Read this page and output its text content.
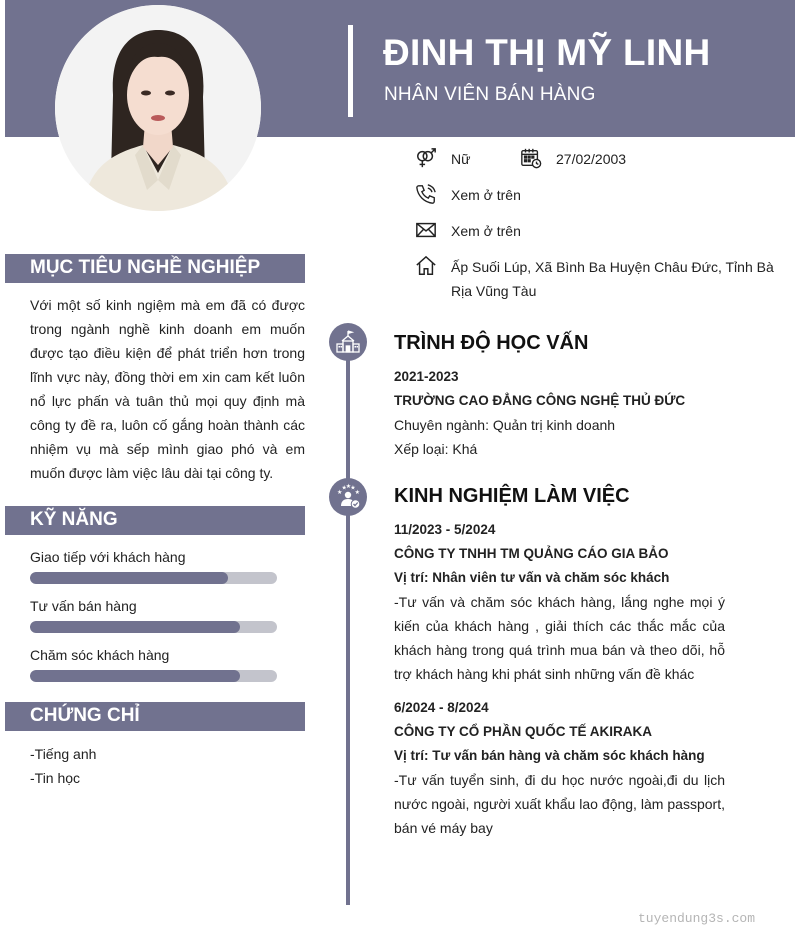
ĐINH THỊ MỸ LINH
NHÂN VIÊN BÁN HÀNG
Nữ	27/02/2003
Xem ở trên
Xem ở trên
Ấp Suối Lúp, Xã Bình Ba Huyện Châu Đức, Tỉnh Bà
Rịa Vũng Tàu
MỤC TIÊU NGHỀ NGHIỆP
Với một số kinh ngiệm mà em đã có được trong ngành nghề kinh doanh em muốn được tạo điều kiện để phát triển hơn trong lĩnh vực này, đồng thời em xin cam kết luôn nổ lực phấn và tuân thủ mọi quy định mà công ty đề ra, luôn cố gắng hoàn thành các nhiệm vụ mà sếp mình giao phó và em muốn được làm việc lâu dài tại công ty.
KỸ NĂNG
Giao tiếp với khách hàng
Tư vấn bán hàng
Chăm sóc khách hàng
CHỨNG CHỈ
-Tiếng anh
-Tin học
TRÌNH ĐỘ HỌC VẤN
2021-2023
TRƯỜNG CAO ĐẲNG CÔNG NGHỆ THỦ ĐỨC
Chuyên ngành: Quản trị kinh doanh
Xếp loại: Khá
★
★
★ ★
★ KINH NGHIỆM LÀM VIỆC
11/2023 - 5/2024
CÔNG TY TNHH TM QUẢNG CÁO GIA BẢO
Vị trí: Nhân viên tư vấn và chăm sóc khách
-Tư vấn và chăm sóc khách hàng, lắng nghe mọi ý kiến của khách hàng , giải thích các thắc mắc của khách hàng trong quá trình mua bán và theo dõi, hỗ trợ khách hàng khi phát sinh những vấn đề khác
6/2024 - 8/2024
CÔNG TY CỔ PHẦN QUỐC TẾ AKIRAKA
Vị trí: Tư vấn bán hàng và chăm sóc khách hàng
-Tư vấn tuyển sinh, đi du học nước ngoài,đi du lịch nước ngoài, người xuất khẩu lao động, làm passport, bán vé máy bay
tuyendung3s.com
